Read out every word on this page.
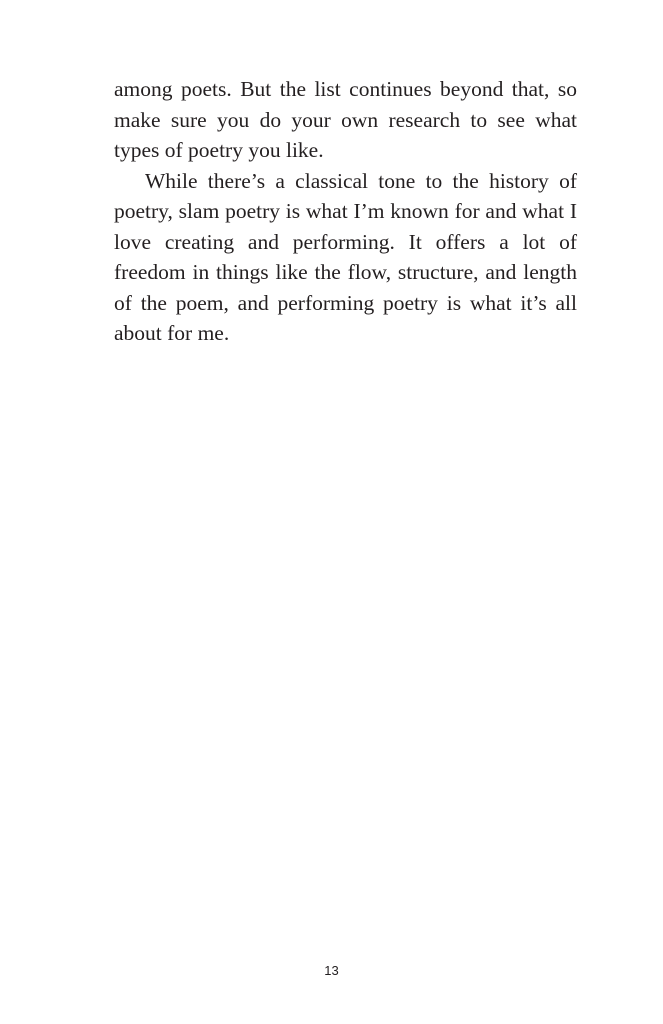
among poets. But the list continues beyond that, so make sure you do your own research to see what types of poetry you like.

While there’s a classical tone to the history of poetry, slam poetry is what I’m known for and what I love creating and performing. It offers a lot of freedom in things like the flow, structure, and length of the poem, and performing poetry is what it’s all about for me.

13
